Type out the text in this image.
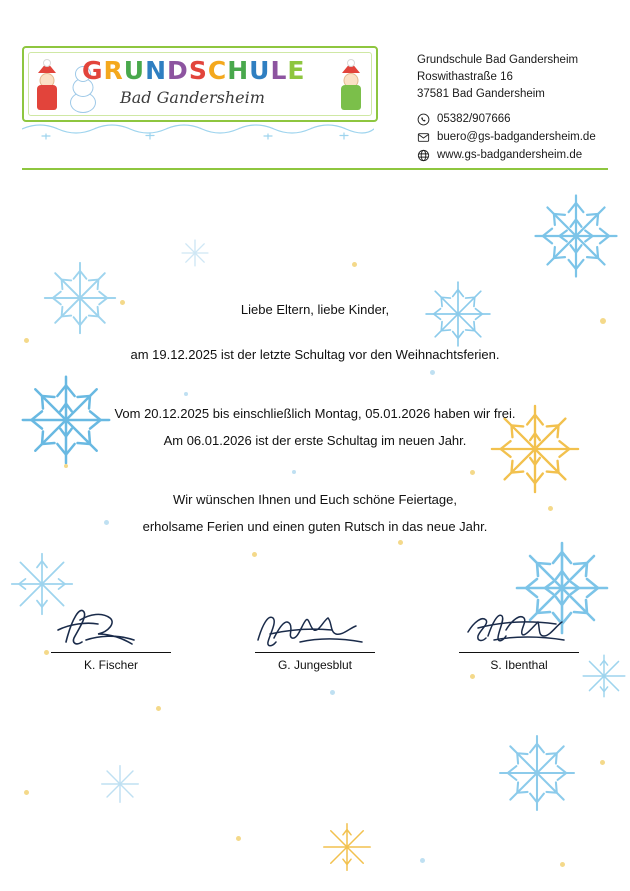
GRUNDSCHULE
Bad Gandersheim
Grundschule Bad Gandersheim
Roswithastraße 16
37581 Bad Gandersheim
05382/907666
buero@gs-badgandersheim.de
www.gs-badgandersheim.de

Liebe Eltern, liebe Kinder,

am 19.12.2025 ist der letzte Schultag vor den Weihnachtsferien.

Vom 20.12.2025 bis einschließlich Montag, 05.01.2026 haben wir frei.

Am 06.01.2026 ist der erste Schultag im neuen Jahr.

Wir wünschen Ihnen und Euch schöne Feiertage,

erholsame Ferien und einen guten Rutsch in das neue Jahr.

K. Fischer	G. Jungesblut	S. Ibenthal
